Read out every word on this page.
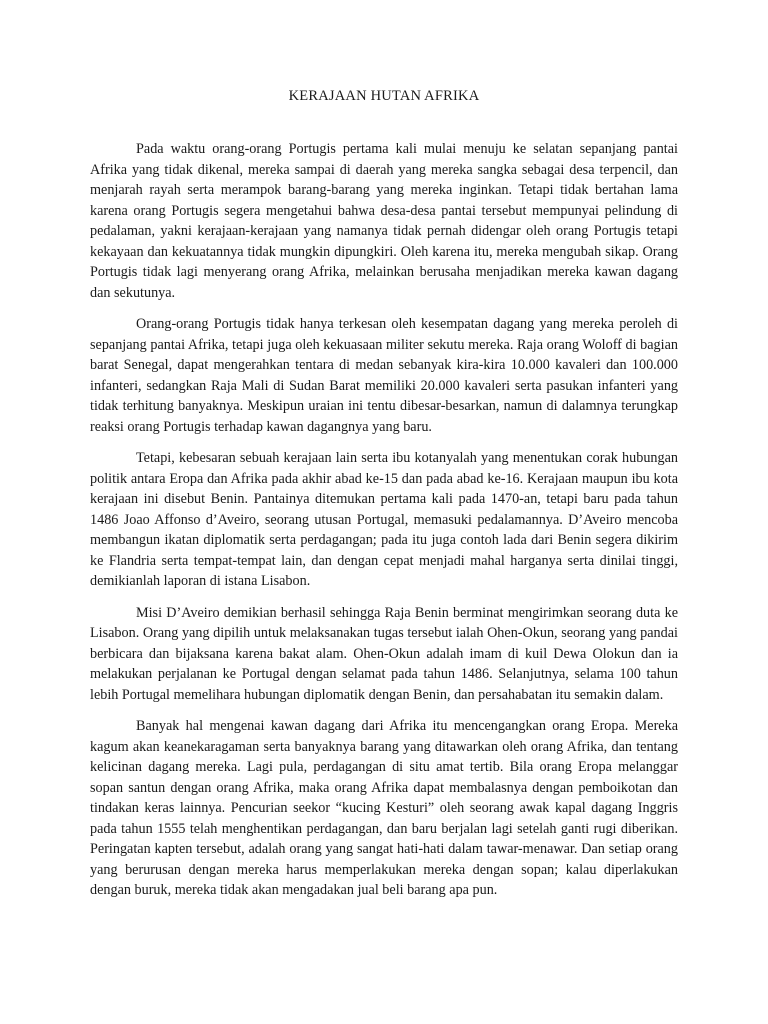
KERAJAAN HUTAN AFRIKA

Pada waktu orang-orang Portugis pertama kali mulai menuju ke selatan sepanjang pantai Afrika yang tidak dikenal, mereka sampai di daerah yang mereka sangka sebagai desa terpencil, dan menjarah rayah serta merampok barang-barang yang mereka inginkan. Tetapi tidak bertahan lama karena orang Portugis segera mengetahui bahwa desa-desa pantai tersebut mempunyai pelindung di pedalaman, yakni kerajaan-kerajaan yang namanya tidak pernah didengar oleh orang Portugis tetapi kekayaan dan kekuatannya tidak mungkin dipungkiri. Oleh karena itu, mereka mengubah sikap. Orang Portugis tidak lagi menyerang orang Afrika, melainkan berusaha menjadikan mereka kawan dagang dan sekutunya.

Orang-orang Portugis tidak hanya terkesan oleh kesempatan dagang yang mereka peroleh di sepanjang pantai Afrika, tetapi juga oleh kekuasaan militer sekutu mereka. Raja orang Woloff di bagian barat Senegal, dapat mengerahkan tentara di medan sebanyak kira-kira 10.000 kavaleri dan 100.000 infanteri, sedangkan Raja Mali di Sudan Barat memiliki 20.000 kavaleri serta pasukan infanteri yang tidak terhitung banyaknya. Meskipun uraian ini tentu dibesar-besarkan, namun di dalamnya terungkap reaksi orang Portugis terhadap kawan dagangnya yang baru.

Tetapi, kebesaran sebuah kerajaan lain serta ibu kotanyalah yang menentukan corak hubungan politik antara Eropa dan Afrika pada akhir abad ke-15 dan pada abad ke-16. Kerajaan maupun ibu kota kerajaan ini disebut Benin. Pantainya ditemukan pertama kali pada 1470-an, tetapi baru pada tahun 1486 Joao Affonso d’Aveiro, seorang utusan Portugal, memasuki pedalamannya. D’Aveiro mencoba membangun ikatan diplomatik serta perdagangan; pada itu juga contoh lada dari Benin segera dikirim ke Flandria serta tempat-tempat lain, dan dengan cepat menjadi mahal harganya serta dinilai tinggi, demikianlah laporan di istana Lisabon.

Misi D’Aveiro demikian berhasil sehingga Raja Benin berminat mengirimkan seorang duta ke Lisabon. Orang yang dipilih untuk melaksanakan tugas tersebut ialah Ohen-Okun, seorang yang pandai berbicara dan bijaksana karena bakat alam. Ohen-Okun adalah imam di kuil Dewa Olokun dan ia melakukan perjalanan ke Portugal dengan selamat pada tahun 1486. Selanjutnya, selama 100 tahun lebih Portugal memelihara hubungan diplomatik dengan Benin, dan persahabatan itu semakin dalam.

Banyak hal mengenai kawan dagang dari Afrika itu mencengangkan orang Eropa. Mereka kagum akan keanekaragaman serta banyaknya barang yang ditawarkan oleh orang Afrika, dan tentang kelicinan dagang mereka. Lagi pula, perdagangan di situ amat tertib. Bila orang Eropa melanggar sopan santun dengan orang Afrika, maka orang Afrika dapat membalasnya dengan pemboikotan dan tindakan keras lainnya. Pencurian seekor “kucing Kesturi” oleh seorang awak kapal dagang Inggris pada tahun 1555 telah menghentikan perdagangan, dan baru berjalan lagi setelah ganti rugi diberikan. Peringatan kapten tersebut, adalah orang yang sangat hati-hati dalam tawar-menawar. Dan setiap orang yang berurusan dengan mereka harus memperlakukan mereka dengan sopan; kalau diperlakukan dengan buruk, mereka tidak akan mengadakan jual beli barang apa pun.
